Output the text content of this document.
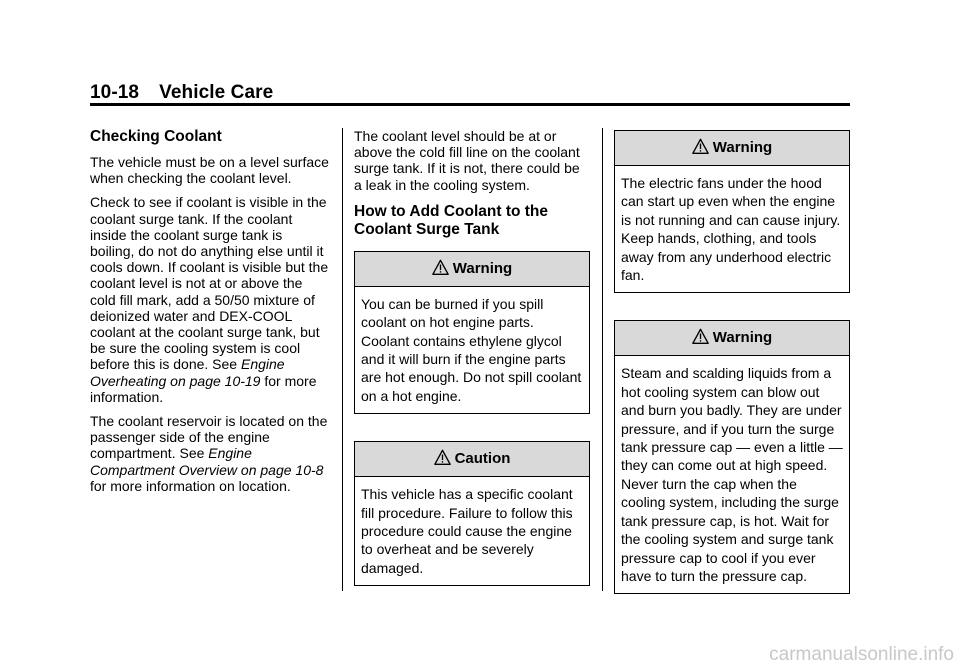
10-18 Vehicle Care
Checking Coolant

The vehicle must be on a level surface when checking the coolant level.

Check to see if coolant is visible in the coolant surge tank. If the coolant inside the coolant surge tank is boiling, do not do anything else until it cools down. If coolant is visible but the coolant level is not at or above the cold fill mark, add a 50/50 mixture of deionized water and DEX-COOL coolant at the coolant surge tank, but be sure the cooling system is cool before this is done. See Engine Overheating on page 10-19 for more information.

The coolant reservoir is located on the passenger side of the engine compartment. See Engine Compartment Overview on page 10-8 for more information on location.

The coolant level should be at or above the cold fill line on the coolant surge tank. If it is not, there could be a leak in the cooling system.

How to Add Coolant to the Coolant Surge Tank
Warning
You can be burned if you spill coolant on hot engine parts. Coolant contains ethylene glycol and it will burn if the engine parts are hot enough. Do not spill coolant on a hot engine.
Caution
This vehicle has a specific coolant fill procedure. Failure to follow this procedure could cause the engine to overheat and be severely damaged.
Warning
The electric fans under the hood can start up even when the engine is not running and can cause injury. Keep hands, clothing, and tools away from any underhood electric fan.
Warning
Steam and scalding liquids from a hot cooling system can blow out and burn you badly. They are under pressure, and if you turn the surge tank pressure cap — even a little — they can come out at high speed. Never turn the cap when the cooling system, including the surge tank pressure cap, is hot. Wait for the cooling system and surge tank pressure cap to cool if you ever have to turn the pressure cap.
carmanualsonline.info
